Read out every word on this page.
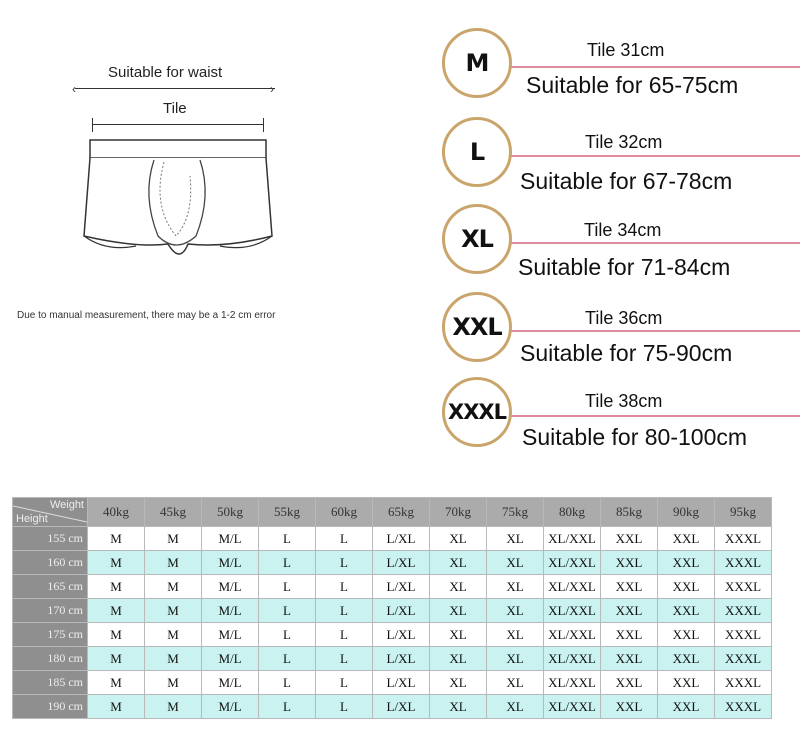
Suitable for waist
‹	›
Tile
Due to manual measurement, there may be a 1-2 cm error
M	Tile 31cm
Suitable for 65-75cm
L	Tile 32cm
Suitable for 67-78cm
XL	Tile 34cm
Suitable for 71-84cm
XXL	Tile 36cm
Suitable for 75-90cm
XXXL	Tile 38cm
Suitable for 80-100cm
Weight
Height	40kg	45kg	50kg	55kg	60kg	65kg	70kg	75kg	80kg	85kg	90kg	95kg
155 cm	M	M	M/L	L	L	L/XL	XL	XL	XL/XXL	XXL	XXL	XXXL
160 cm	M	M	M/L	L	L	L/XL	XL	XL	XL/XXL	XXL	XXL	XXXL
165 cm	M	M	M/L	L	L	L/XL	XL	XL	XL/XXL	XXL	XXL	XXXL
170 cm	M	M	M/L	L	L	L/XL	XL	XL	XL/XXL	XXL	XXL	XXXL
175 cm	M	M	M/L	L	L	L/XL	XL	XL	XL/XXL	XXL	XXL	XXXL
180 cm	M	M	M/L	L	L	L/XL	XL	XL	XL/XXL	XXL	XXL	XXXL
185 cm	M	M	M/L	L	L	L/XL	XL	XL	XL/XXL	XXL	XXL	XXXL
190 cm	M	M	M/L	L	L	L/XL	XL	XL	XL/XXL	XXL	XXL	XXXL
